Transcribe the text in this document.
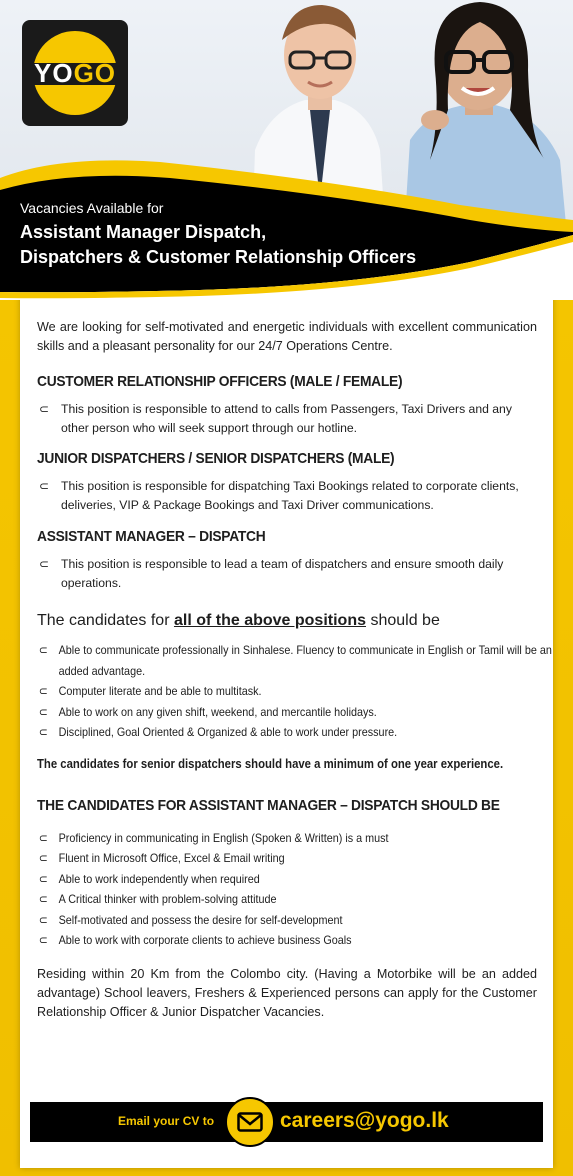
YOGO
Vacancies Available for
Assistant Manager Dispatch,
Dispatchers & Customer Relationship Officers

We are looking for self-motivated and energetic individuals with excellent communication skills and a pleasant personality for our 24/7 Operations Centre.

CUSTOMER RELATIONSHIP OFFICERS (MALE / FEMALE)
⊂ This position is responsible to attend to calls from Passengers, Taxi Drivers and any other person who will seek support through our hotline.
JUNIOR DISPATCHERS / SENIOR DISPATCHERS (MALE)
⊂ This position is responsible for dispatching Taxi Bookings related to corporate clients, deliveries, VIP & Package Bookings and Taxi Driver communications.
ASSISTANT MANAGER – DISPATCH
⊂ This position is responsible to lead a team of dispatchers and ensure smooth daily operations.
The candidates for all of the above positions should be
⊂ Able to communicate professionally in Sinhalese. Fluency to communicate in English or Tamil will be an added advantage.
⊂ Computer literate and be able to multitask.
⊂ Able to work on any given shift, weekend, and mercantile holidays.
⊂ Disciplined, Goal Oriented & Organized & able to work under pressure.
The candidates for senior dispatchers should have a minimum of one year experience.
THE CANDIDATES FOR ASSISTANT MANAGER – DISPATCH SHOULD BE
⊂ Proficiency in communicating in English (Spoken & Written) is a must
⊂ Fluent in Microsoft Office, Excel & Email writing
⊂ Able to work independently when required
⊂ A Critical thinker with problem-solving attitude
⊂ Self-motivated and possess the desire for self-development
⊂ Able to work with corporate clients to achieve business Goals

Residing within 20 Km from the Colombo city. (Having a Motorbike will be an added advantage) School leavers, Freshers & Experienced persons can apply for the Customer Relationship Officer & Junior Dispatcher Vacancies.

Email your CV to	careers@yogo.lk
